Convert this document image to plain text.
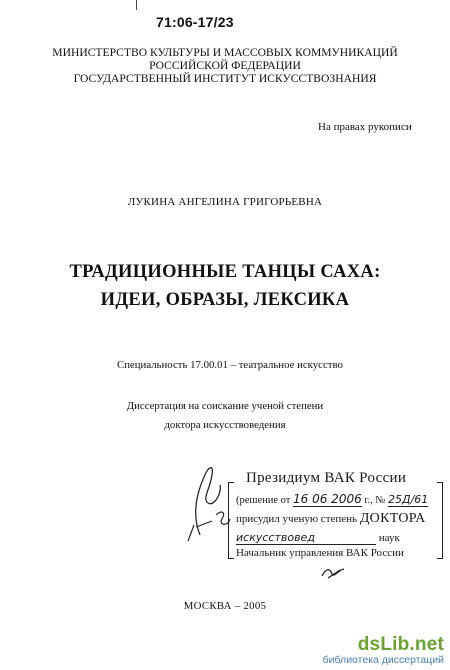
71:06-17/23
МИНИСТЕРСТВО КУЛЬТУРЫ И МАССОВЫХ КОММУНИКАЦИЙ
РОССИЙСКОЙ ФЕДЕРАЦИИ
ГОСУДАРСТВЕННЫЙ ИНСТИТУТ ИСКУССТВОЗНАНИЯ
На правах рукописи
ЛУКИНА АНГЕЛИНА ГРИГОРЬЕВНА
ТРАДИЦИОННЫЕ ТАНЦЫ САХА:
ИДЕИ, ОБРАЗЫ, ЛЕКСИКА
Специальность 17.00.01 – театральное искусство
Диссертация на соискание ученой степени
доктора искусствоведения
Президиум ВАК России
(решение от 16 06 2006 г., № 25Д/61
присудил ученую степень ДОКТОРА
искусствовед	наук
Начальник управления ВАК России
МОСКВА – 2005
dsLib.net
библиотека диссертаций
